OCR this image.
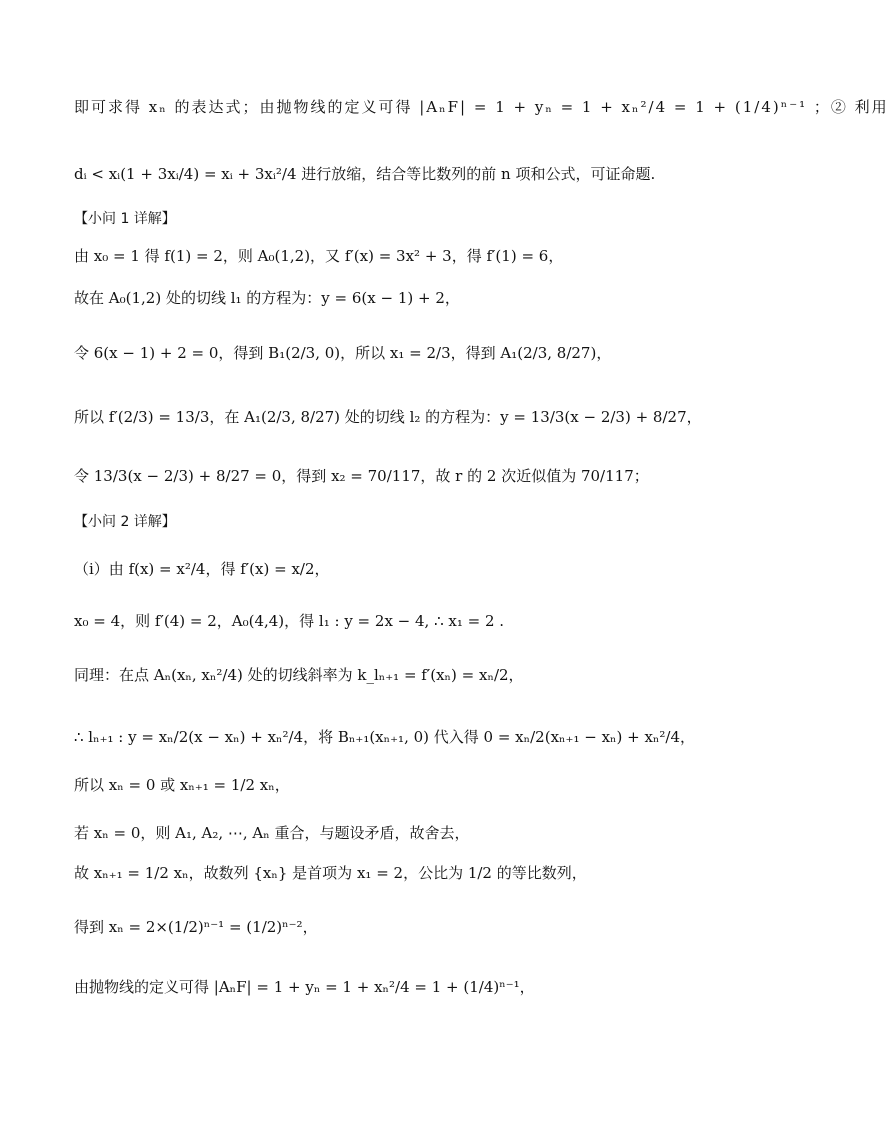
即可求得 xₙ 的表达式；由抛物线的定义可得 |AₙF| = 1 + yₙ = 1 + xₙ²/4 = 1 + (1/4)ⁿ⁻¹ ；② 利用
dᵢ < xᵢ(1 + 3xᵢ/4) = xᵢ + 3xᵢ²/4 进行放缩，结合等比数列的前 n 项和公式，可证命题.
【小问 1 详解】
由 x₀ = 1 得 f(1) = 2，则 A₀(1,2)，又 f′(x) = 3x² + 3，得 f′(1) = 6，
故在 A₀(1,2) 处的切线 l₁ 的方程为：y = 6(x − 1) + 2，
令 6(x − 1) + 2 = 0，得到 B₁(2/3, 0)，所以 x₁ = 2/3，得到 A₁(2/3, 8/27)，
所以 f′(2/3) = 13/3，在 A₁(2/3, 8/27) 处的切线 l₂ 的方程为：y = 13/3(x − 2/3) + 8/27，
令 13/3(x − 2/3) + 8/27 = 0，得到 x₂ = 70/117，故 r 的 2 次近似值为 70/117；
【小问 2 详解】
（i）由 f(x) = x²/4，得 f′(x) = x/2，
x₀ = 4，则 f′(4) = 2，A₀(4,4)，得 l₁ : y = 2x − 4, ∴ x₁ = 2 .
同理：在点 Aₙ(xₙ, xₙ²/4) 处的切线斜率为 k_lₙ₊₁ = f′(xₙ) = xₙ/2，
∴ lₙ₊₁ : y = xₙ/2(x − xₙ) + xₙ²/4，将 Bₙ₊₁(xₙ₊₁, 0) 代入得 0 = xₙ/2(xₙ₊₁ − xₙ) + xₙ²/4，
所以 xₙ = 0 或 xₙ₊₁ = 1/2 xₙ，
若 xₙ = 0，则 A₁, A₂, ⋯, Aₙ 重合，与题设矛盾，故舍去，
故 xₙ₊₁ = 1/2 xₙ，故数列 {xₙ} 是首项为 x₁ = 2，公比为 1/2 的等比数列，
得到 xₙ = 2×(1/2)ⁿ⁻¹ = (1/2)ⁿ⁻²，
由抛物线的定义可得 |AₙF| = 1 + yₙ = 1 + xₙ²/4 = 1 + (1/4)ⁿ⁻¹，
